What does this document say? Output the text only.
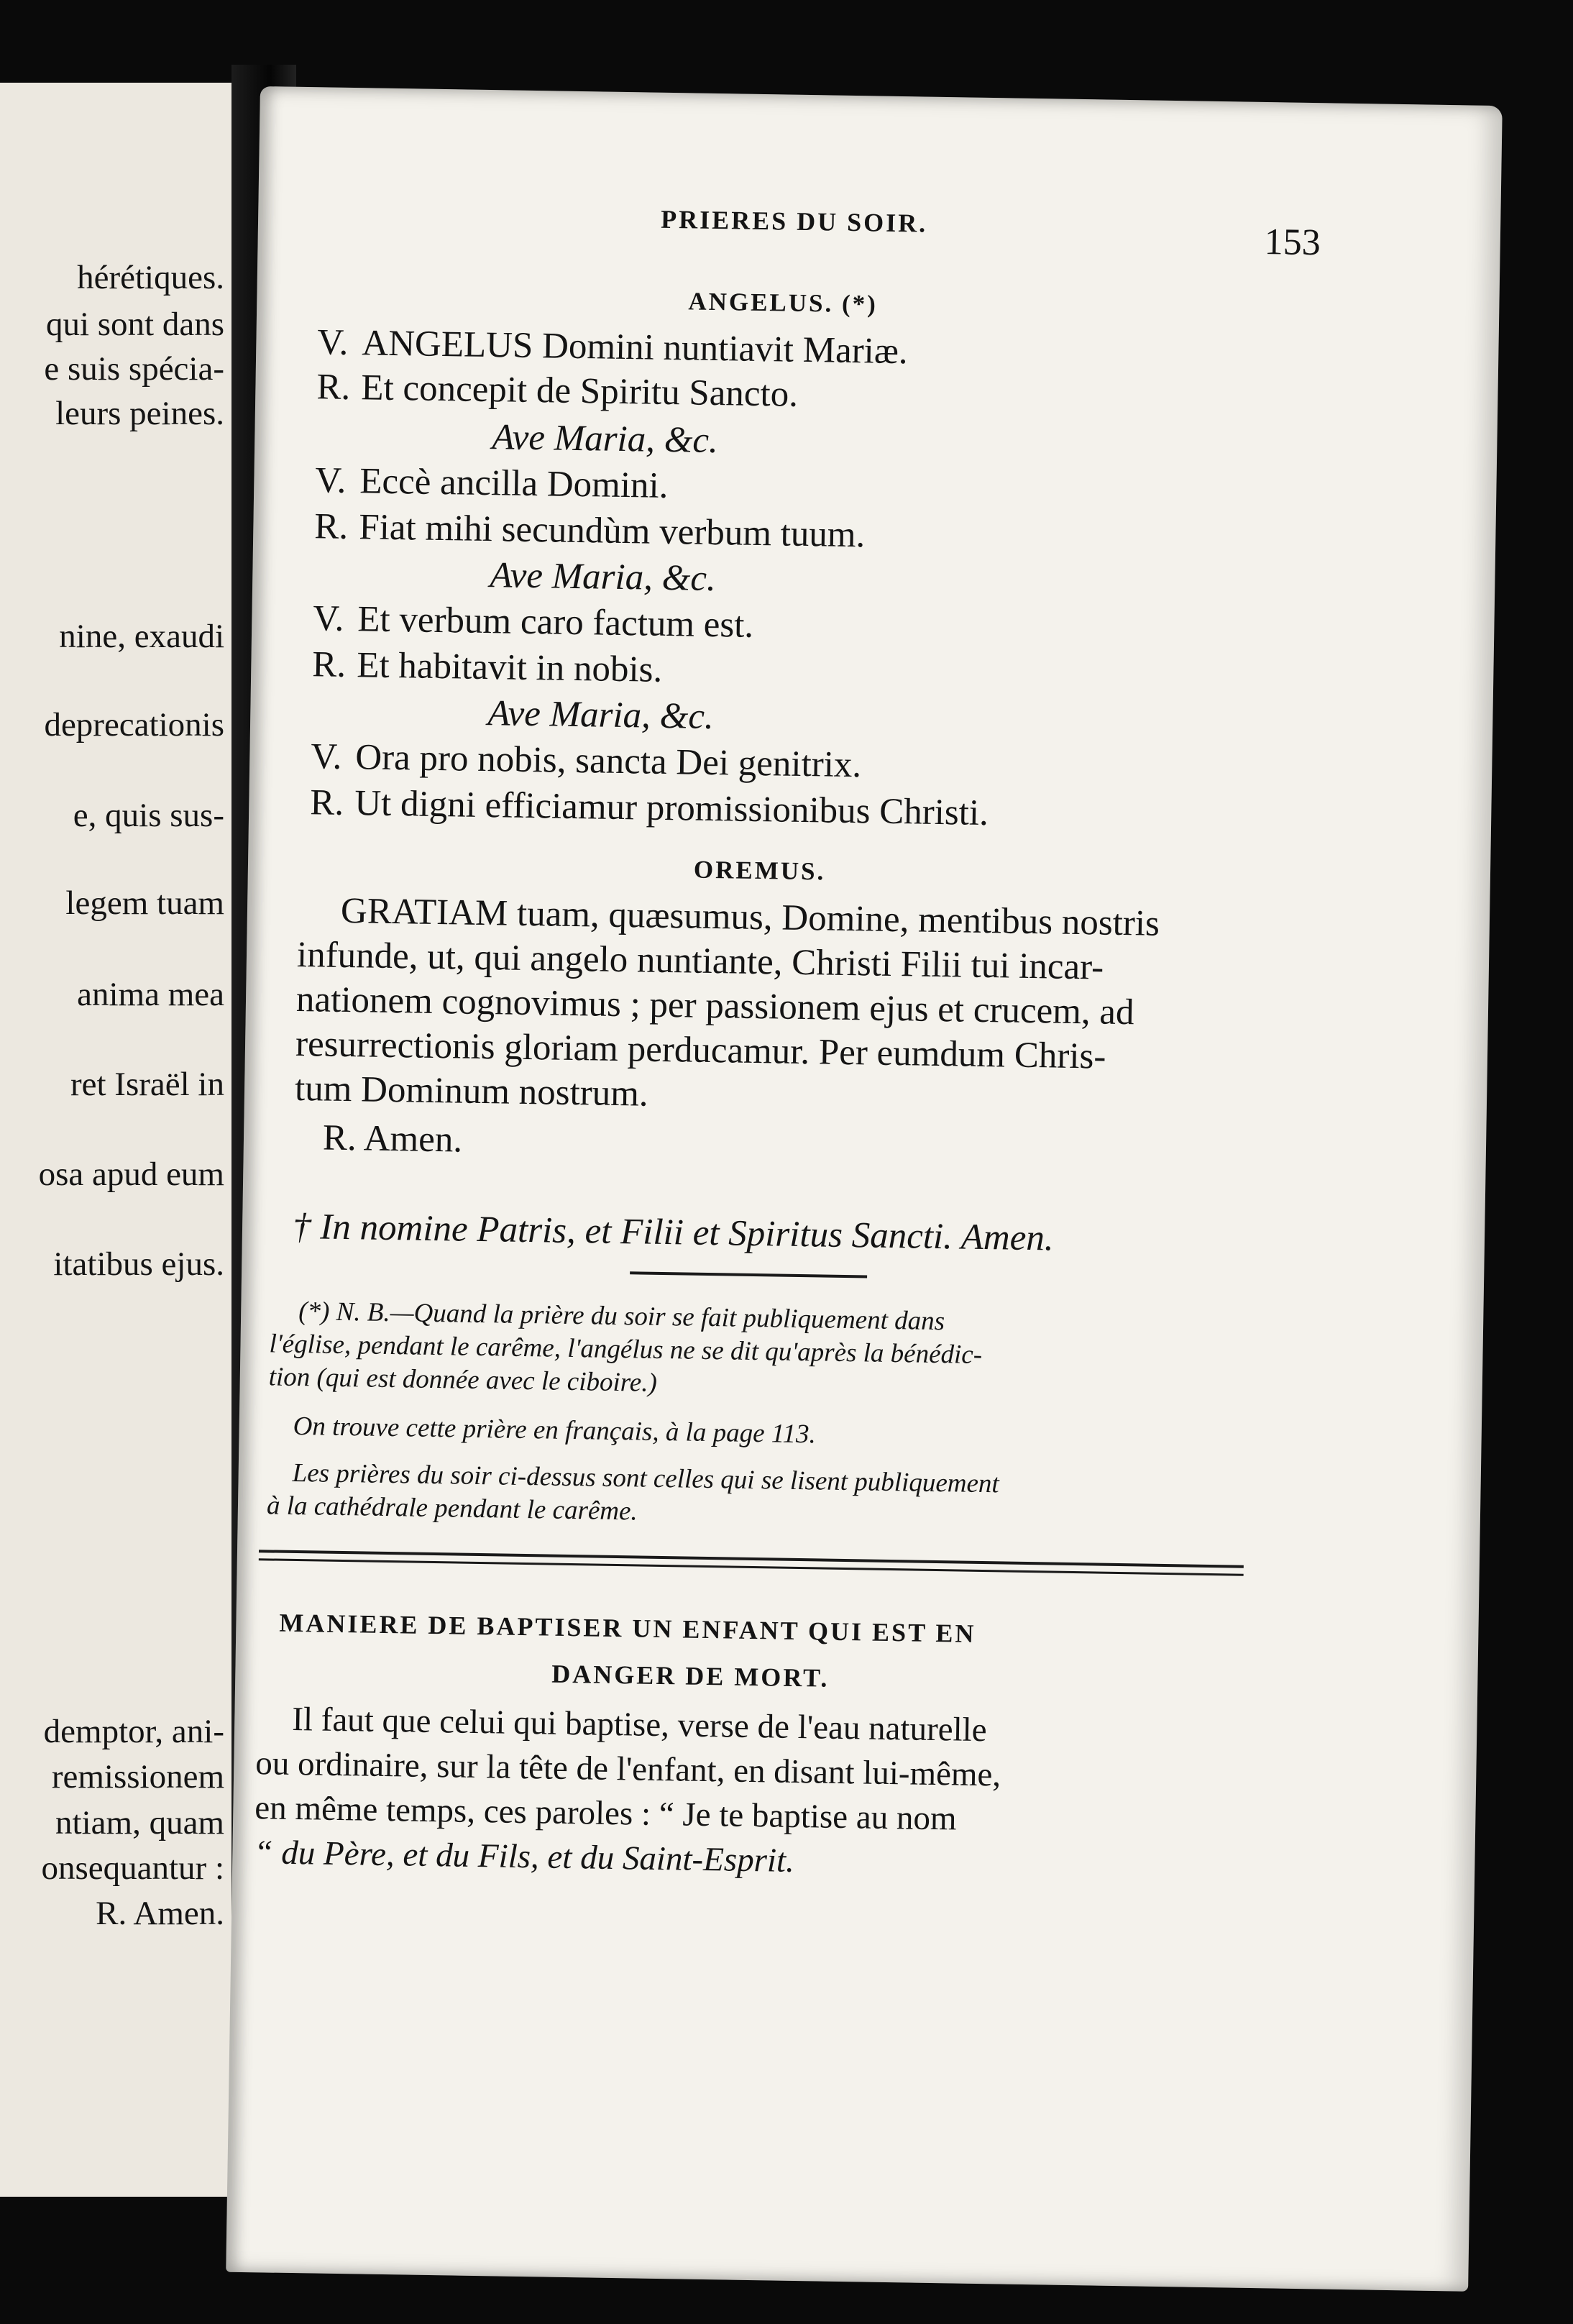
hérétiques.
qui sont dans
e suis spécia-
leurs peines.
nine, exaudi
deprecationis
e, quis sus-
legem tuam
anima mea
ret Israël in
osa apud eum
itatibus ejus.
demptor, ani-
remissionem
ntiam, quam
onsequantur :
R. Amen.
PRIERES DU SOIR.
153
ANGELUS. (*)
V. ANGELUS Domini nuntiavit Mariæ.
R. Et concepit de Spiritu Sancto.
Ave Maria, &c.
V. Eccè ancilla Domini.
R. Fiat mihi secundùm verbum tuum.
Ave Maria, &c.
V. Et verbum caro factum est.
R. Et habitavit in nobis.
Ave Maria, &c.
V. Ora pro nobis, sancta Dei genitrix.
R. Ut digni efficiamur promissionibus Christi.
OREMUS.
GRATIAM tuam, quæsumus, Domine, mentibus nostris
infunde, ut, qui angelo nuntiante, Christi Filii tui incar-
nationem cognovimus ; per passionem ejus et crucem, ad
resurrectionis gloriam perducamur. Per eumdum Chris-
tum Dominum nostrum.
R. Amen.
† In nomine Patris, et Filii et Spiritus Sancti. Amen.
(*) N. B.—Quand la prière du soir se fait publiquement dans
l'église, pendant le carême, l'angélus ne se dit qu'après la bénédic-
tion (qui est donnée avec le ciboire.)
On trouve cette prière en français, à la page 113.
Les prières du soir ci-dessus sont celles qui se lisent publiquement
à la cathédrale pendant le carême.
MANIERE DE BAPTISER UN ENFANT QUI EST EN
DANGER DE MORT.
Il faut que celui qui baptise, verse de l'eau naturelle
ou ordinaire, sur la tête de l'enfant, en disant lui-même,
en même temps, ces paroles : “ Je te baptise au nom
“ du Père, et du Fils, et du Saint-Esprit.
